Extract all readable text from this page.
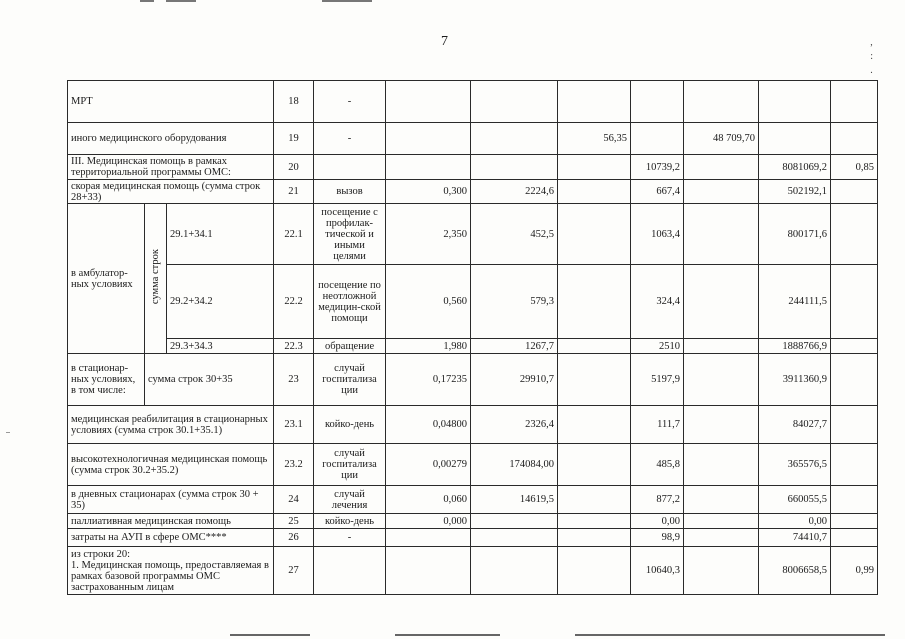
7	,
:
.
МРТ			18	-							
иного медицинского оборудования			19	-			56,35		48 709,70		
III. Медицинская помощь в рамках территориальной программы ОМС:			20					10739,2		8081069,2	0,85
скорая медицинская помощь (сумма строк 28+33)			21	вызов	0,300	2224,6		667,4		502192,1	
в амбулатор-ных условиях	сумма строк	29.1+34.1	22.1	посещение с профилак-тической и иными целями	2,350	452,5		1063,4		800171,6	
		29.2+34.2	22.2	посещение по неотложной медицин-ской помощи	0,560	579,3		324,4		244111,5	
		29.3+34.3	22.3	обращение	1,980	1267,7		2510		1888766,9	
в стационар-ных условиях, в том числе:	сумма строк 30+35		23	случай госпитализа ции	0,17235	29910,7		5197,9		3911360,9	
медицинская реабилитация в стационарных условиях (сумма строк 30.1+35.1)			23.1	койко-день	0,04800	2326,4		111,7		84027,7	
высокотехнологичная медицинская помощь (сумма строк 30.2+35.2)			23.2	случай госпитализа ции	0,00279	174084,00		485,8		365576,5	
в дневных стационарах (сумма строк 30 + 35)			24	случай лечения	0,060	14619,5		877,2		660055,5	
паллиативная медицинская помощь			25	койко-день	0,000			0,00		0,00	
затраты на АУП в сфере ОМС****			26	-				98,9		74410,7	
из строки 20:
1. Медицинская помощь, предоставляемая в рамках базовой программы ОМС застрахованным лицам			27					10640,3		8006658,5	0,99
